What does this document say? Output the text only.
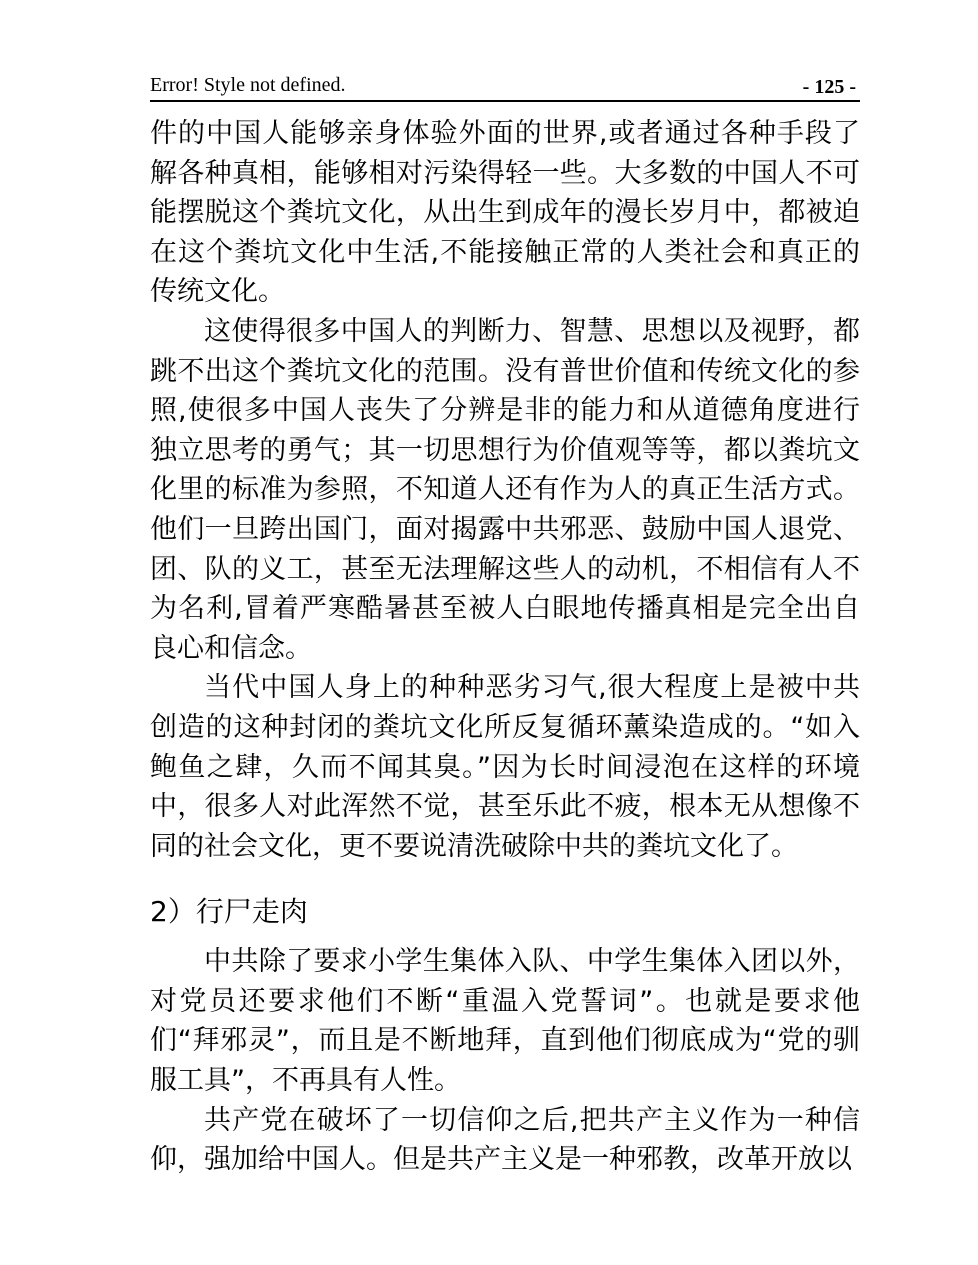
Error! Style not defined.	- 125 -

件的中国人能够亲身体验外面的世界,或者通过各种手段了解各种真相，能够相对污染得轻一些。大多数的中国人不可能摆脱这个粪坑文化，从出生到成年的漫长岁月中，都被迫在这个粪坑文化中生活,不能接触正常的人类社会和真正的传统文化。

这使得很多中国人的判断力、智慧、思想以及视野，都跳不出这个粪坑文化的范围。没有普世价值和传统文化的参照,使很多中国人丧失了分辨是非的能力和从道德角度进行独立思考的勇气；其一切思想行为价值观等等，都以粪坑文化里的标准为参照，不知道人还有作为人的真正生活方式。他们一旦跨出国门，面对揭露中共邪恶、鼓励中国人退党、团、队的义工，甚至无法理解这些人的动机，不相信有人不为名利,冒着严寒酷暑甚至被人白眼地传播真相是完全出自良心和信念。

当代中国人身上的种种恶劣习气,很大程度上是被中共创造的这种封闭的粪坑文化所反复循环薰染造成的。“如入鲍鱼之肆，久而不闻其臭。”因为长时间浸泡在这样的环境中，很多人对此浑然不觉，甚至乐此不疲，根本无从想像不同的社会文化，更不要说清洗破除中共的粪坑文化了。

2）行尸走肉

中共除了要求小学生集体入队、中学生集体入团以外，对党员还要求他们不断“重温入党誓词”。也就是要求他们“拜邪灵”，而且是不断地拜，直到他们彻底成为“党的驯服工具”，不再具有人性。

共产党在破坏了一切信仰之后,把共产主义作为一种信仰，强加给中国人。但是共产主义是一种邪教，改革开放以
